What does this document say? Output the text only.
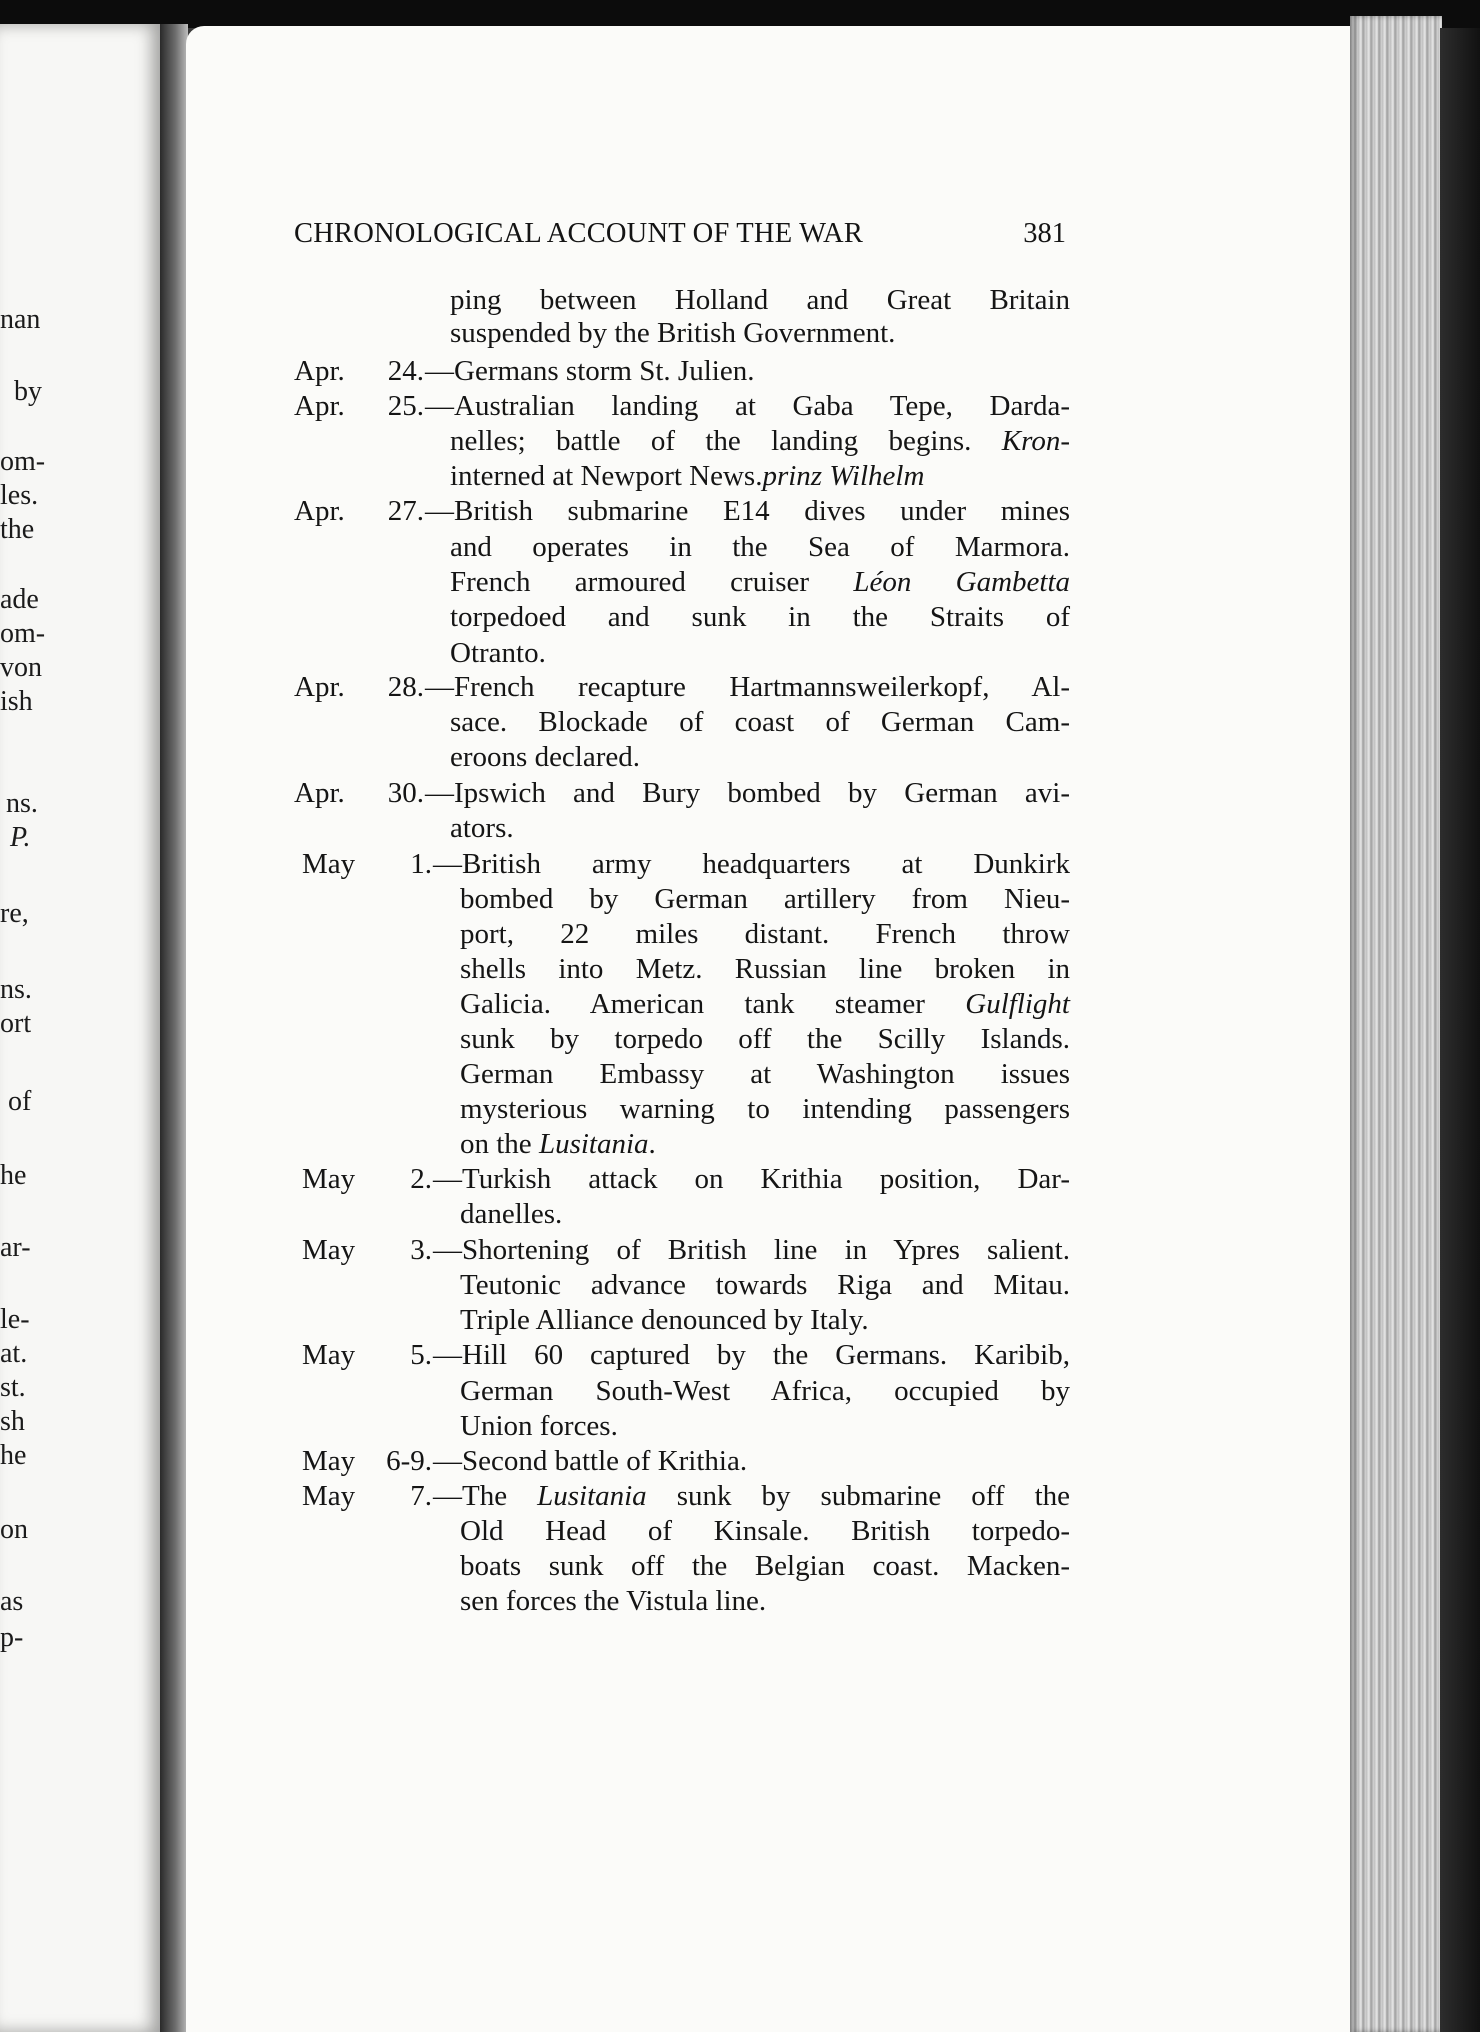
nan
by
om-
les.
the
ade
om-
von
ish
ns.
P.
re,
ns.
ort
of
he
ar-
le-
at.
st.
sh
he
on
as
p-
CHRONOLOGICAL ACCOUNT OF THE WAR	381
ping between Holland and Great Britain
suspended by the British Government.
Apr. 24. —Germans storm St. Julien.
Apr. 25. —Australian landing at Gaba Tepe, Darda-
nelles; battle of the landing begins. Kron-
interned at Newport News.prinz Wilhelm
Apr. 27. —British submarine E14 dives under mines
and operates in the Sea of Marmora.
French armoured cruiser Léon Gambetta
torpedoed and sunk in the Straits of
Otranto.
Apr. 28. —French recapture Hartmannsweilerkopf, Al-
sace. Blockade of coast of German Cam-
eroons declared.
Apr. 30. —Ipswich and Bury bombed by German avi-
ators.
May 1. —British army headquarters at Dunkirk
bombed by German artillery from Nieu-
port, 22 miles distant. French throw
shells into Metz. Russian line broken in
Galicia. American tank steamer Gulflight
sunk by torpedo off the Scilly Islands.
German Embassy at Washington issues
mysterious warning to intending passengers
on the Lusitania.
May 2. —Turkish attack on Krithia position, Dar-
danelles.
May 3. —Shortening of British line in Ypres salient.
Teutonic advance towards Riga and Mitau.
Triple Alliance denounced by Italy.
May 5. —Hill 60 captured by the Germans. Karibib,
German South-West Africa, occupied by
Union forces.
May 6-9. —Second battle of Krithia.
May 7. —The Lusitania sunk by submarine off the
Old Head of Kinsale. British torpedo-
boats sunk off the Belgian coast. Macken-
sen forces the Vistula line.
